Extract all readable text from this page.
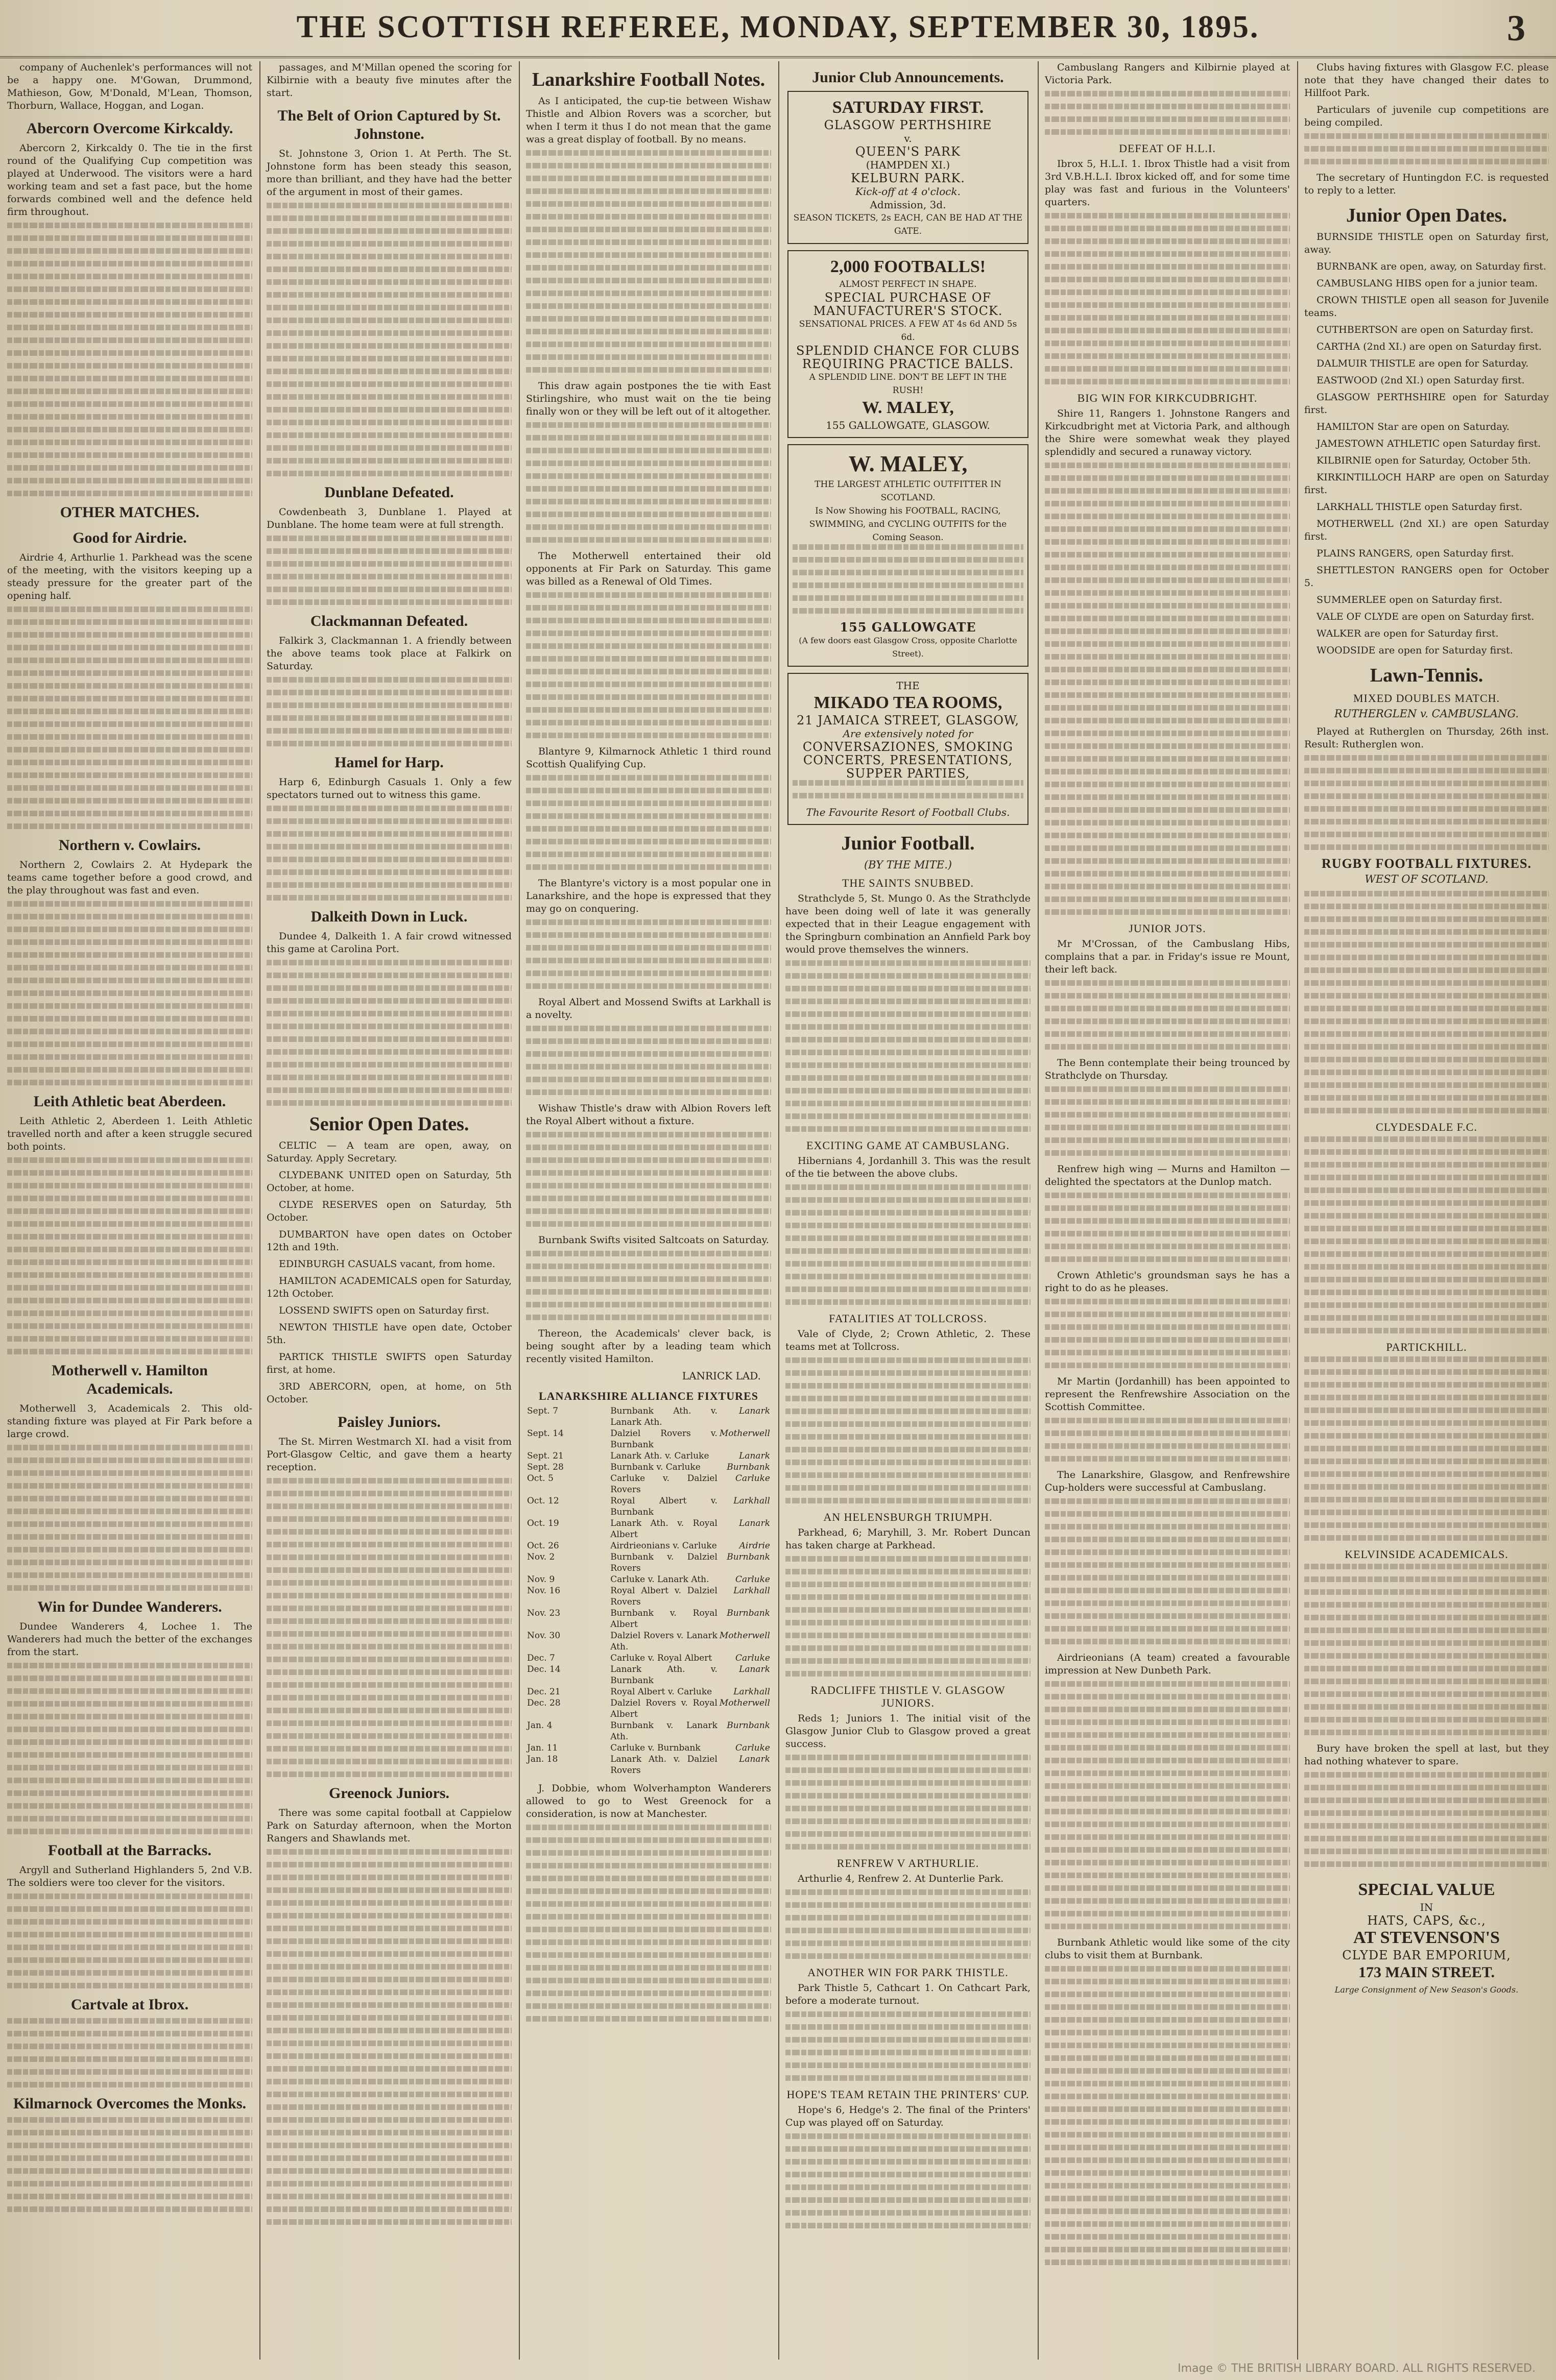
THE SCOTTISH REFEREE, MONDAY, SEPTEMBER 30, 1895.	3

company of Auchenlek's performances will not be a happy one. M'Gowan, Drummond, Mathieson, Gow, M'Donald, M'Lean, Thomson, Thorburn, Wallace, Hoggan, and Logan.

Abercorn Overcome Kirkcaldy.

Abercorn 2, Kirkcaldy 0. The tie in the first round of the Qualifying Cup competition was played at Underwood. The visitors were a hard working team and set a fast pace, but the home forwards combined well and the defence held firm throughout.

OTHER MATCHES.
Good for Airdrie.

Airdrie 4, Arthurlie 1. Parkhead was the scene of the meeting, with the visitors keeping up a steady pressure for the greater part of the opening half.

Northern v. Cowlairs.

Northern 2, Cowlairs 2. At Hydepark the teams came together before a good crowd, and the play throughout was fast and even.

Leith Athletic beat Aberdeen.

Leith Athletic 2, Aberdeen 1. Leith Athletic travelled north and after a keen struggle secured both points.

Motherwell v. Hamilton Academicals.

Motherwell 3, Academicals 2. This old-standing fixture was played at Fir Park before a large crowd.

Win for Dundee Wanderers.

Dundee Wanderers 4, Lochee 1. The Wanderers had much the better of the exchanges from the start.

Football at the Barracks.

Argyll and Sutherland Highlanders 5, 2nd V.B. The soldiers were too clever for the visitors.

Cartvale at Ibrox.
Kilmarnock Overcomes the Monks.

passages, and M'Millan opened the scoring for Kilbirnie with a beauty five minutes after the start.

The Belt of Orion Captured by St. Johnstone.

St. Johnstone 3, Orion 1. At Perth. The St. Johnstone form has been steady this season, more than brilliant, and they have had the better of the argument in most of their games.

Dunblane Defeated.

Cowdenbeath 3, Dunblane 1. Played at Dunblane. The home team were at full strength.

Clackmannan Defeated.

Falkirk 3, Clackmannan 1. A friendly between the above teams took place at Falkirk on Saturday.

Hamel for Harp.

Harp 6, Edinburgh Casuals 1. Only a few spectators turned out to witness this game.

Dalkeith Down in Luck.

Dundee 4, Dalkeith 1. A fair crowd witnessed this game at Carolina Port.

Senior Open Dates.

CELTIC — A team are open, away, on Saturday. Apply Secretary.

CLYDEBANK UNITED open on Saturday, 5th October, at home.

CLYDE RESERVES open on Saturday, 5th October.

DUMBARTON have open dates on October 12th and 19th.

EDINBURGH CASUALS vacant, from home.

HAMILTON ACADEMICALS open for Saturday, 12th October.

LOSSEND SWIFTS open on Saturday first.

NEWTON THISTLE have open date, October 5th.

PARTICK THISTLE SWIFTS open Saturday first, at home.

3RD ABERCORN, open, at home, on 5th October.

Paisley Juniors.

The St. Mirren Westmarch XI. had a visit from Port-Glasgow Celtic, and gave them a hearty reception.

Greenock Juniors.

There was some capital football at Cappielow Park on Saturday afternoon, when the Morton Rangers and Shawlands met.

Lanarkshire Football Notes.

As I anticipated, the cup-tie between Wishaw Thistle and Albion Rovers was a scorcher, but when I term it thus I do not mean that the game was a great display of football. By no means.

This draw again postpones the tie with East Stirlingshire, who must wait on the tie being finally won or they will be left out of it altogether.

The Motherwell entertained their old opponents at Fir Park on Saturday. This game was billed as a Renewal of Old Times.

Blantyre 9, Kilmarnock Athletic 1 third round Scottish Qualifying Cup.

The Blantyre's victory is a most popular one in Lanarkshire, and the hope is expressed that they may go on conquering.

Royal Albert and Mossend Swifts at Larkhall is a novelty.

Wishaw Thistle's draw with Albion Rovers left the Royal Albert without a fixture.

Burnbank Swifts visited Saltcoats on Saturday.

Thereon, the Academicals' clever back, is being sought after by a leading team which recently visited Hamilton.

LANRICK LAD.
LANARKSHIRE ALLIANCE FIXTURES
Sept. 7	Burnbank Ath. v. Lanark Ath.	Lanark
Sept. 14	Dalziel Rovers v. Burnbank	Motherwell
Sept. 21	Lanark Ath. v. Carluke	Lanark
Sept. 28	Burnbank v. Carluke	Burnbank
Oct. 5	Carluke v. Dalziel Rovers	Carluke
Oct. 12	Royal Albert v. Burnbank	Larkhall
Oct. 19	Lanark Ath. v. Royal Albert	Lanark
Oct. 26	Airdrieonians v. Carluke	Airdrie
Nov. 2	Burnbank v. Dalziel Rovers	Burnbank
Nov. 9	Carluke v. Lanark Ath.	Carluke
Nov. 16	Royal Albert v. Dalziel Rovers	Larkhall
Nov. 23	Burnbank v. Royal Albert	Burnbank
Nov. 30	Dalziel Rovers v. Lanark Ath.	Motherwell
Dec. 7	Carluke v. Royal Albert	Carluke
Dec. 14	Lanark Ath. v. Burnbank	Lanark
Dec. 21	Royal Albert v. Carluke	Larkhall
Dec. 28	Dalziel Rovers v. Royal Albert	Motherwell
Jan. 4	Burnbank v. Lanark Ath.	Burnbank
Jan. 11	Carluke v. Burnbank	Carluke
Jan. 18	Lanark Ath. v. Dalziel Rovers	Lanark

J. Dobbie, whom Wolverhampton Wanderers allowed to go to West Greenock for a consideration, is now at Manchester.

Junior Club Announcements.
SATURDAY FIRST.
GLASGOW PERTHSHIRE
v.
QUEEN'S PARK
(HAMPDEN XI.)
KELBURN PARK.
Kick-off at 4 o'clock.
Admission, 3d.
SEASON TICKETS, 2s EACH, CAN BE HAD AT THE GATE.
2,000 FOOTBALLS!
ALMOST PERFECT IN SHAPE.
SPECIAL PURCHASE OF MANUFACTURER'S STOCK.
SENSATIONAL PRICES. A FEW AT 4s 6d AND 5s 6d.
SPLENDID CHANCE FOR CLUBS REQUIRING PRACTICE BALLS.
A SPLENDID LINE. DON'T BE LEFT IN THE RUSH!
W. MALEY,
155 GALLOWGATE, GLASGOW.
W. MALEY,
THE LARGEST ATHLETIC OUTFITTER IN SCOTLAND.
Is Now Showing his FOOTBALL, RACING, SWIMMING, and CYCLING OUTFITS for the Coming Season.
155 GALLOWGATE
(A few doors east Glasgow Cross, opposite Charlotte Street).
THE
MIKADO TEA ROOMS,
21 JAMAICA STREET, GLASGOW,
Are extensively noted for
CONVERSAZIONES, SMOKING CONCERTS, PRESENTATIONS, SUPPER PARTIES,
The Favourite Resort of Football Clubs.
Junior Football.
(BY THE MITE.)
THE SAINTS SNUBBED.

Strathclyde 5, St. Mungo 0. As the Strathclyde have been doing well of late it was generally expected that in their League engagement with the Springburn combination an Annfield Park boy would prove themselves the winners.

EXCITING GAME AT CAMBUSLANG.

Hibernians 4, Jordanhill 3. This was the result of the tie between the above clubs.

FATALITIES AT TOLLCROSS.

Vale of Clyde, 2; Crown Athletic, 2. These teams met at Tollcross.

AN HELENSBURGH TRIUMPH.

Parkhead, 6; Maryhill, 3. Mr. Robert Duncan has taken charge at Parkhead.

RADCLIFFE THISTLE V. GLASGOW JUNIORS.

Reds 1; Juniors 1. The initial visit of the Glasgow Junior Club to Glasgow proved a great success.

RENFREW V ARTHURLIE.

Arthurlie 4, Renfrew 2. At Dunterlie Park.

ANOTHER WIN FOR PARK THISTLE.

Park Thistle 5, Cathcart 1. On Cathcart Park, before a moderate turnout.

HOPE'S TEAM RETAIN THE PRINTERS' CUP.

Hope's 6, Hedge's 2. The final of the Printers' Cup was played off on Saturday.

Cambuslang Rangers and Kilbirnie played at Victoria Park.

DEFEAT OF H.L.I.

Ibrox 5, H.L.I. 1. Ibrox Thistle had a visit from 3rd V.B.H.L.I. Ibrox kicked off, and for some time play was fast and furious in the Volunteers' quarters.

BIG WIN FOR KIRKCUDBRIGHT.

Shire 11, Rangers 1. Johnstone Rangers and Kirkcudbright met at Victoria Park, and although the Shire were somewhat weak they played splendidly and secured a runaway victory.

JUNIOR JOTS.

Mr M'Crossan, of the Cambuslang Hibs, complains that a par. in Friday's issue re Mount, their left back.

The Benn contemplate their being trounced by Strathclyde on Thursday.

Renfrew high wing — Murns and Hamilton — delighted the spectators at the Dunlop match.

Crown Athletic's groundsman says he has a right to do as he pleases.

Mr Martin (Jordanhill) has been appointed to represent the Renfrewshire Association on the Scottish Committee.

The Lanarkshire, Glasgow, and Renfrewshire Cup-holders were successful at Cambuslang.

Airdrieonians (A team) created a favourable impression at New Dunbeth Park.

Burnbank Athletic would like some of the city clubs to visit them at Burnbank.

Clubs having fixtures with Glasgow F.C. please note that they have changed their dates to Hillfoot Park.

Particulars of juvenile cup competitions are being compiled.

The secretary of Huntingdon F.C. is requested to reply to a letter.

Junior Open Dates.

BURNSIDE THISTLE open on Saturday first, away.

BURNBANK are open, away, on Saturday first.

CAMBUSLANG HIBS open for a junior team.

CROWN THISTLE open all season for Juvenile teams.

CUTHBERTSON are open on Saturday first.

CARTHA (2nd XI.) are open on Saturday first.

DALMUIR THISTLE are open for Saturday.

EASTWOOD (2nd XI.) open Saturday first.

GLASGOW PERTHSHIRE open for Saturday first.

HAMILTON Star are open on Saturday.

JAMESTOWN ATHLETIC open Saturday first.

KILBIRNIE open for Saturday, October 5th.

KIRKINTILLOCH HARP are open on Saturday first.

LARKHALL THISTLE open Saturday first.

MOTHERWELL (2nd XI.) are open Saturday first.

PLAINS RANGERS, open Saturday first.

SHETTLESTON RANGERS open for October 5.

SUMMERLEE open on Saturday first.

VALE OF CLYDE are open on Saturday first.

WALKER are open for Saturday first.

WOODSIDE are open for Saturday first.

Lawn-Tennis.
MIXED DOUBLES MATCH.
RUTHERGLEN v. CAMBUSLANG.

Played at Rutherglen on Thursday, 26th inst. Result: Rutherglen won.

RUGBY FOOTBALL FIXTURES.
WEST OF SCOTLAND.
CLYDESDALE F.C.
PARTICKHILL.
KELVINSIDE ACADEMICALS.

Bury have broken the spell at last, but they had nothing whatever to spare.

SPECIAL VALUE
IN
HATS, CAPS, &c.,
AT STEVENSON'S
CLYDE BAR EMPORIUM,
173 MAIN STREET.
Large Consignment of New Season's Goods.
Image © THE BRITISH LIBRARY BOARD. ALL RIGHTS RESERVED.
